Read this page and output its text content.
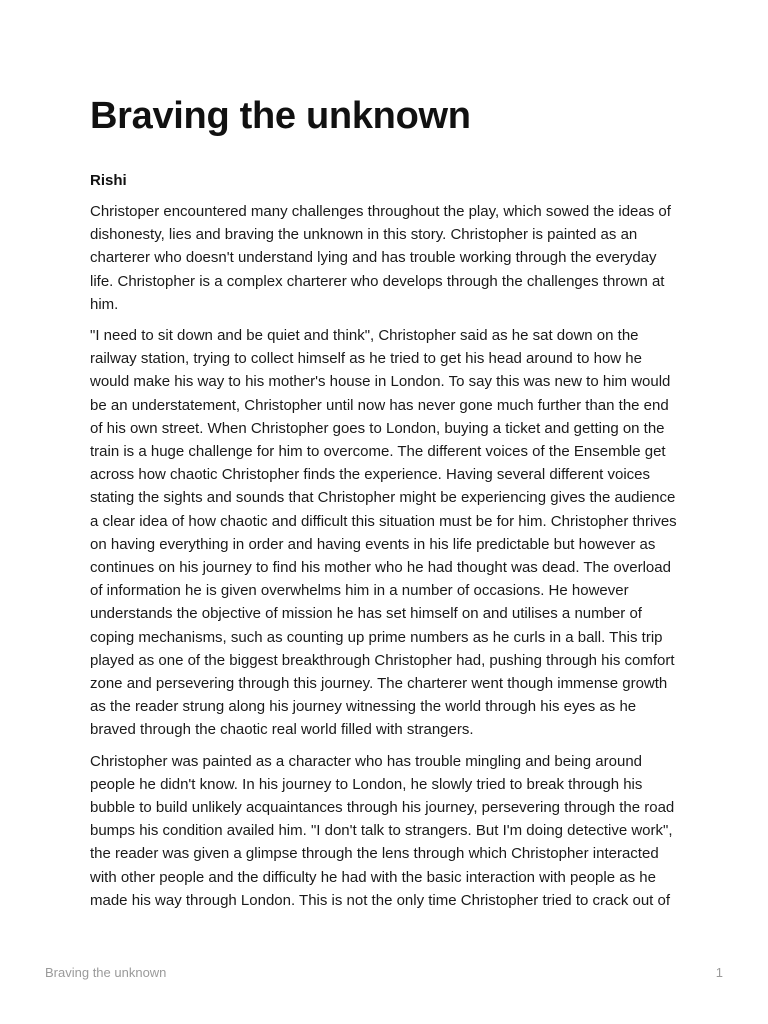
Braving the unknown

Rishi

Christoper encountered many challenges throughout the play, which sowed the ideas of dishonesty, lies and braving the unknown in this story. Christopher is painted as an charterer who doesn't understand lying and has trouble working through the everyday life. Christopher is a complex charterer who develops through the challenges thrown at him.

"I need to sit down and be quiet and think", Christopher said as he sat down on the railway station, trying to collect himself as he tried to get his head around to how he would make his way to his mother's house in London. To say this was new to him would be an understatement, Christopher until now has never gone much further than the end of his own street. When Christopher goes to London, buying a ticket and getting on the train is a huge challenge for him to overcome. The different voices of the Ensemble get across how chaotic Christopher finds the experience. Having several different voices stating the sights and sounds that Christopher might be experiencing gives the audience a clear idea of how chaotic and difficult this situation must be for him. Christopher thrives on having everything in order and having events in his life predictable but however as continues on his journey to find his mother who he had thought was dead. The overload of information he is given overwhelms him in a number of occasions. He however understands the objective of mission he has set himself on and utilises a number of coping mechanisms, such as counting up prime numbers as he curls in a ball. This trip played as one of the biggest breakthrough Christopher had, pushing through his comfort zone and persevering through this journey. The charterer went though immense growth as the reader strung along his journey witnessing the world through his eyes as he braved through the chaotic real world filled with strangers.

Christopher was painted as a character who has trouble mingling and being around people he didn't know. In his journey to London, he slowly tried to break through his bubble to build unlikely acquaintances through his journey, persevering through the road bumps his condition availed him. "I don't talk to strangers. But I'm doing detective work", the reader was given a glimpse through the lens through which Christopher interacted with other people and the difficulty he had with the basic interaction with people as he made his way through London. This is not the only time Christopher tried to crack out of

Braving the unknown	1
